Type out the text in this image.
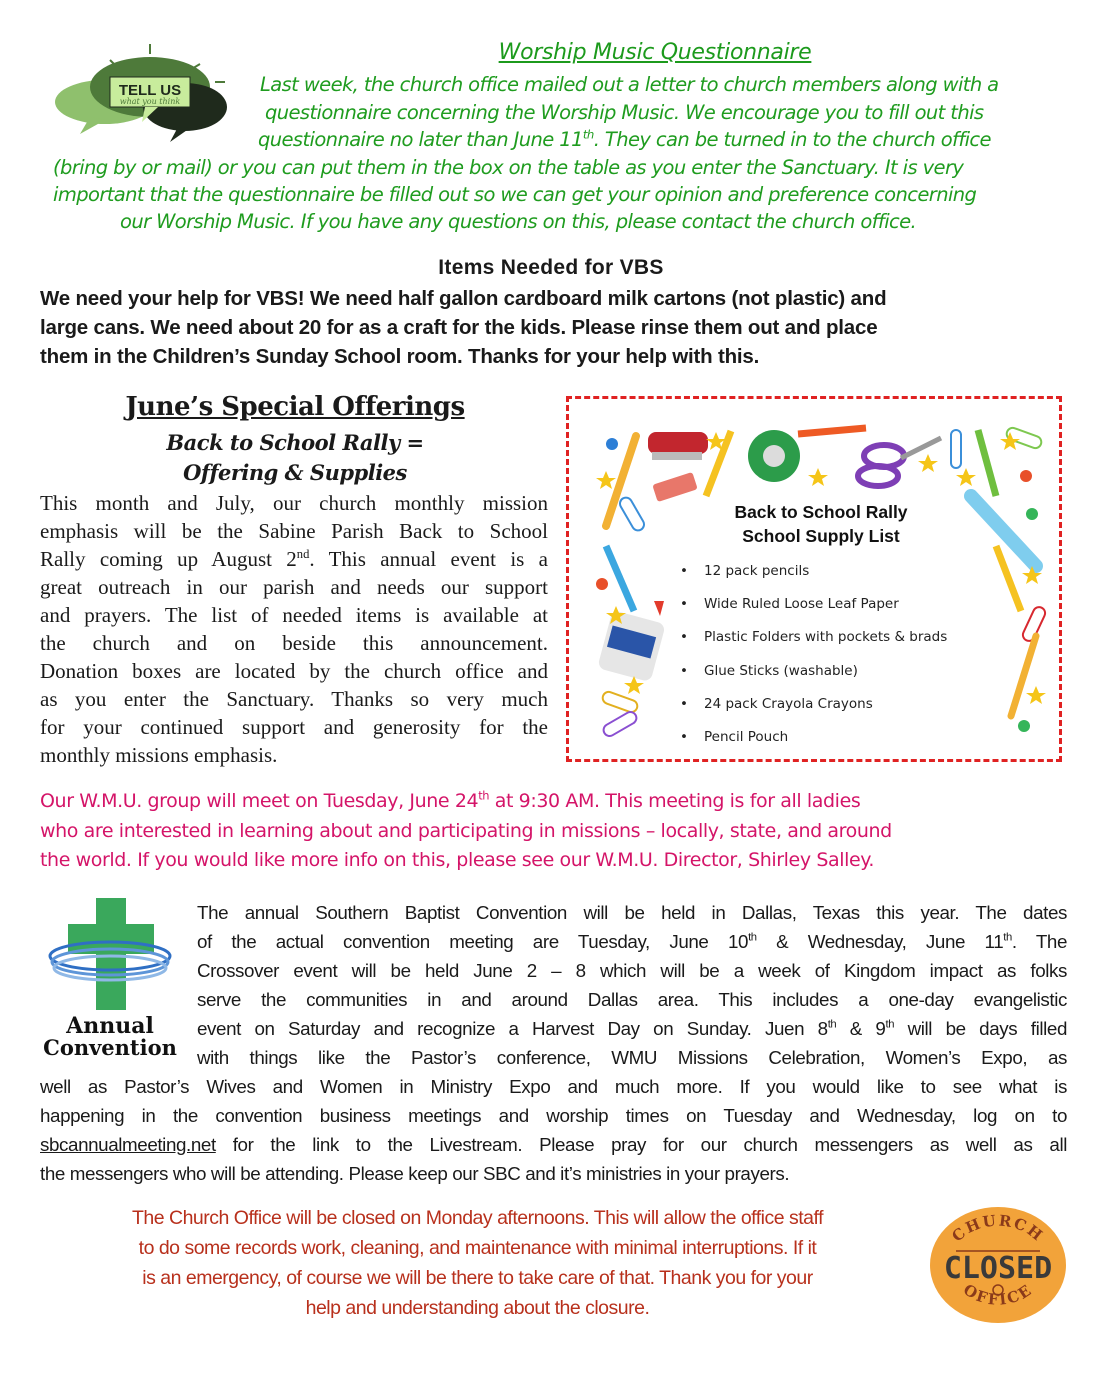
TELL US
what you think
Worship Music Questionnaire
Last week, the church office mailed out a letter to church members along with a
questionnaire concerning the Worship Music. We encourage you to fill out this
questionnaire no later than June 11th. They can be turned in to the church office
(bring by or mail) or you can put them in the box on the table as you enter the Sanctuary. It is very
important that the questionnaire be filled out so we can get your opinion and preference concerning
our Worship Music. If you have any questions on this, please contact the church office.
Items Needed for VBS
We need your help for VBS! We need half gallon cardboard milk cartons (not plastic) and
large cans. We need about 20 for as a craft for the kids. Please rinse them out and place
them in the Children’s Sunday School room. Thanks for your help with this.
June’s Special Offerings
Back to School Rally =
Offering & Supplies
This month and July, our church monthly mission
emphasis will be the Sabine Parish Back to School
Rally coming up August 2nd. This annual event is a
great outreach in our parish and needs our support
and prayers. The list of needed items is available at
the church and on beside this announcement.
Donation boxes are located by the church office and
as you enter the Sanctuary. Thanks so very much
for your continued support and generosity for the
monthly missions emphasis.
Back to School Rally
School Supply List
• 12 pack pencils
• Wide Ruled Loose Leaf Paper
• Plastic Folders with pockets & brads
• Glue Sticks (washable)
• 24 pack Crayola Crayons
• Pencil Pouch
Our W.M.U. group will meet on Tuesday, June 24th at 9:30 AM. This meeting is for all ladies
who are interested in learning about and participating in missions – locally, state, and around
the world. If you would like more info on this, please see our W.M.U. Director, Shirley Salley.
Annual
Convention
The annual Southern Baptist Convention will be held in Dallas, Texas this year. The dates
of the actual convention meeting are Tuesday, June 10th & Wednesday, June 11th. The
Crossover event will be held June 2 – 8 which will be a week of Kingdom impact as folks
serve the communities in and around Dallas area. This includes a one-day evangelistic
event on Saturday and recognize a Harvest Day on Sunday. Juen 8th & 9th will be days filled
with things like the Pastor’s conference, WMU Missions Celebration, Women’s Expo, as
well as Pastor’s Wives and Women in Ministry Expo and much more. If you would like to see what is
happening in the convention business meetings and worship times on Tuesday and Wednesday, log on to
sbcannualmeeting.net for the link to the Livestream. Please pray for our church messengers as well as all
the messengers who will be attending. Please keep our SBC and it’s ministries in your prayers.
The Church Office will be closed on Monday afternoons. This will allow the office staff
to do some records work, cleaning, and maintenance with minimal interruptions. If it
is an emergency, of course we will be there to take care of that. Thank you for your
help and understanding about the closure.
CHURCH
CLOSED
OFFICE
